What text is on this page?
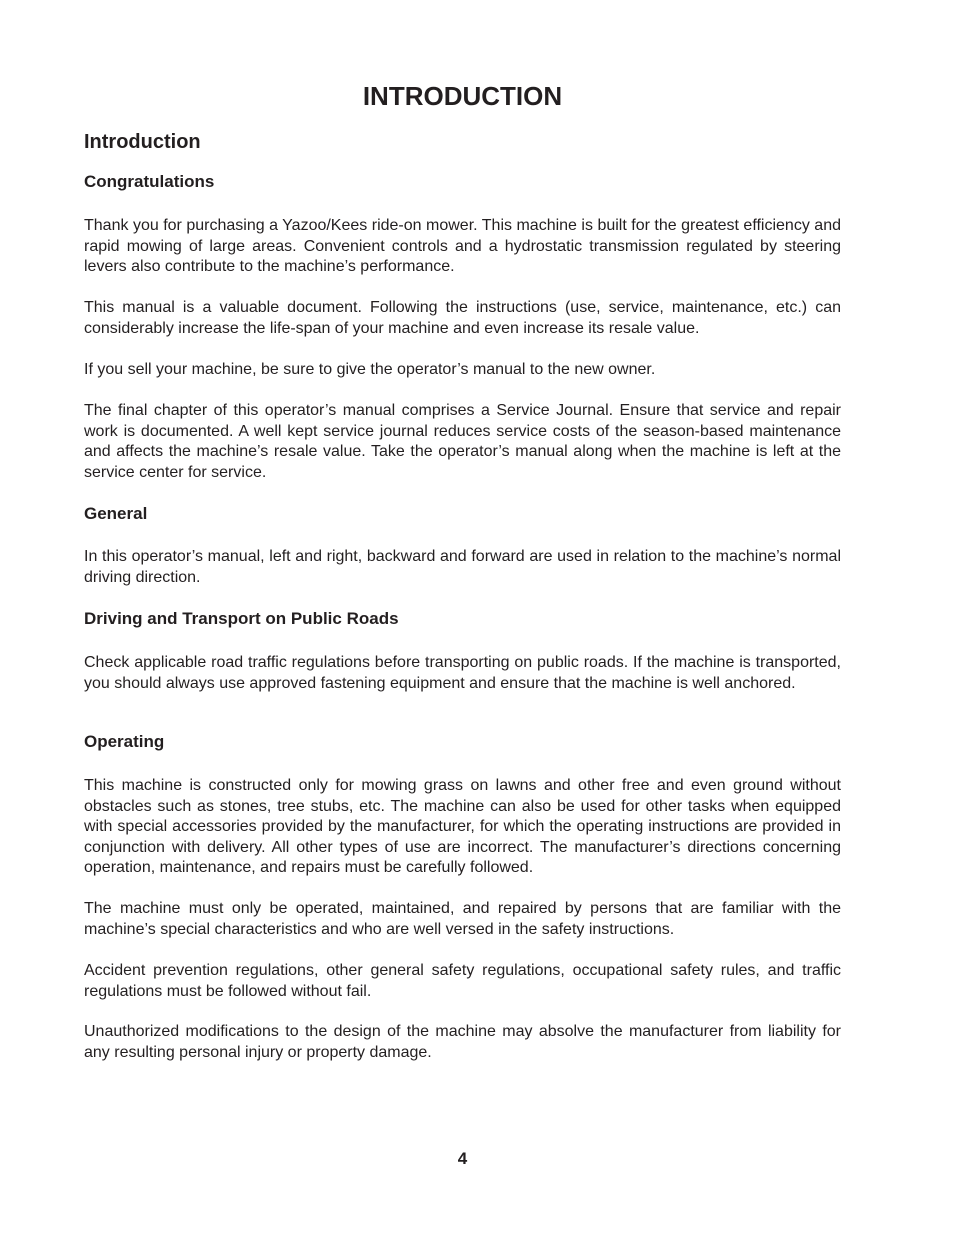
INTRODUCTION
Introduction
Congratulations

Thank you for purchasing a Yazoo/Kees ride-on mower. This machine is built for the greatest efficiency and rapid mowing of large areas. Convenient controls and a hydrostatic transmission regulated by steering levers also contribute to the machine’s performance.

This manual is a valuable document. Following the instructions (use, service, maintenance, etc.) can considerably increase the life-span of your machine and even increase its resale value.

If you sell your machine, be sure to give the operator’s manual to the new owner.

The final chapter of this operator’s manual comprises a Service Journal. Ensure that service and repair work is documented. A well kept service journal reduces service costs of the season-based maintenance and affects the machine’s resale value. Take the operator’s manual along when the machine is left at the service center for service.

General

In this operator’s manual, left and right, backward and forward are used in relation to the machine’s normal driving direction.

Driving and Transport on Public Roads

Check applicable road traffic regulations before transporting on public roads. If the machine is transported, you should always use approved fastening equipment and ensure that the machine is well anchored.

Operating

This machine is constructed only for mowing grass on lawns and other free and even ground without obstacles such as stones, tree stubs, etc. The machine can also be used for other tasks when equipped with special accessories provided by the manufacturer, for which the operating instructions are provided in conjunction with delivery. All other types of use are incorrect. The manufacturer’s directions concerning operation, maintenance, and repairs must be carefully followed.

The machine must only be operated, maintained, and repaired by persons that are familiar with the machine’s special characteristics and who are well versed in the safety instructions.

Accident prevention regulations, other general safety regulations, occupational safety rules, and traffic regulations must be followed without fail.

Unauthorized modifications to the design of the machine may absolve the manufacturer from liability for any resulting personal injury or property damage.

4
